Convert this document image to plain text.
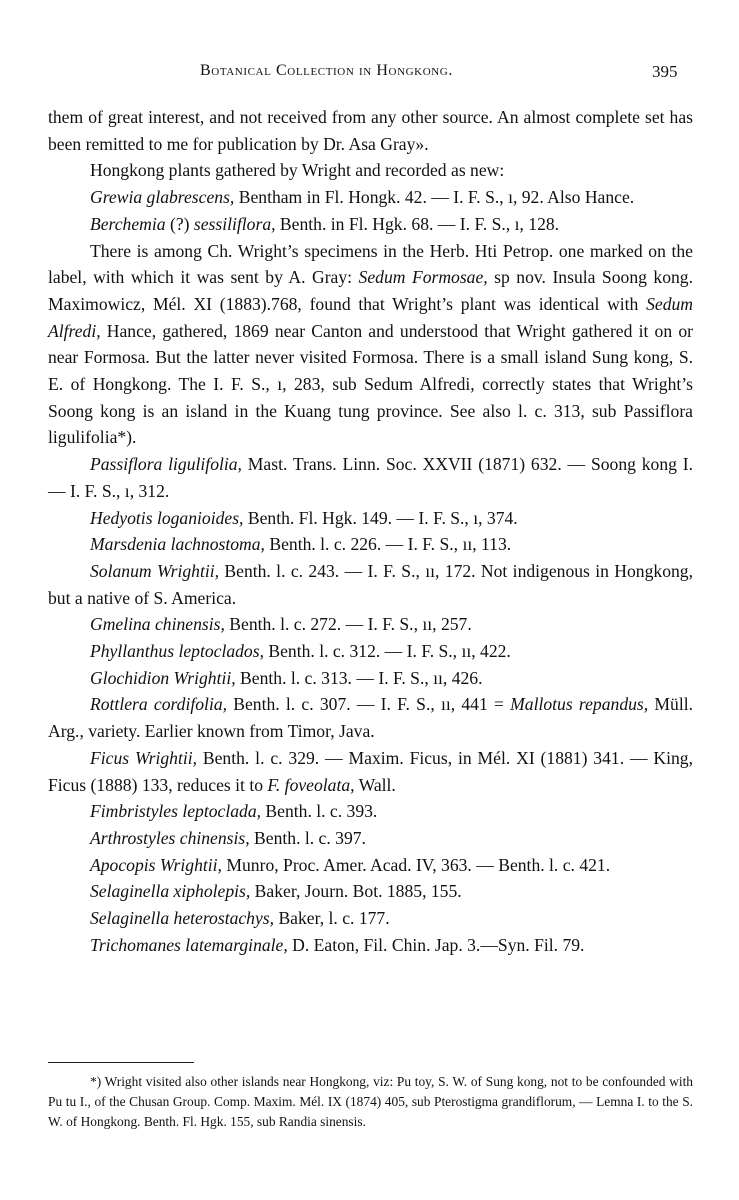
Botanical Collection in Hongkong.	395

them of great interest, and not received from any other source. An almost complete set has been remitted to me for publication by Dr. Asa Gray».

Hongkong plants gathered by Wright and recorded as new:

Grewia glabrescens, Bentham in Fl. Hongk. 42. — I. F. S., ı, 92. Also Hance.

Berchemia (?) sessiliflora, Benth. in Fl. Hgk. 68. — I. F. S., ı, 128.

There is among Ch. Wright’s specimens in the Herb. Hti Petrop. one marked on the label, with which it was sent by A. Gray: Sedum Formosae, sp nov. Insula Soong kong. Maximowicz, Mél. XI (1883).768, found that Wright’s plant was identical with Sedum Alfredi, Hance, gathered, 1869 near Canton and understood that Wright gathered it on or near Formosa. But the latter never visited Formosa. There is a small island Sung kong, S. E. of Hongkong. The I. F. S., ı, 283, sub Sedum Alfredi, correctly states that Wright’s Soong kong is an island in the Kuang tung province. See also l. c. 313, sub Passiflora ligulifolia*).

Passiflora ligulifolia, Mast. Trans. Linn. Soc. XXVII (1871) 632. — Soong kong I. — I. F. S., ı, 312.

Hedyotis loganioides, Benth. Fl. Hgk. 149. — I. F. S., ı, 374.

Marsdenia lachnostoma, Benth. l. c. 226. — I. F. S., ıı, 113.

Solanum Wrightii, Benth. l. c. 243. — I. F. S., ıı, 172. Not indigenous in Hongkong, but a native of S. America.

Gmelina chinensis, Benth. l. c. 272. — I. F. S., ıı, 257.

Phyllanthus leptoclados, Benth. l. c. 312. — I. F. S., ıı, 422.

Glochidion Wrightii, Benth. l. c. 313. — I. F. S., ıı, 426.

Rottlera cordifolia, Benth. l. c. 307. — I. F. S., ıı, 441 = Mallotus repandus, Müll. Arg., variety. Earlier known from Timor, Java.

Ficus Wrightii, Benth. l. c. 329. — Maxim. Ficus, in Mél. XI (1881) 341. — King, Ficus (1888) 133, reduces it to F. foveolata, Wall.

Fimbristyles leptoclada, Benth. l. c. 393.

Arthrostyles chinensis, Benth. l. c. 397.

Apocopis Wrightii, Munro, Proc. Amer. Acad. IV, 363. — Benth. l. c. 421.

Selaginella xipholepis, Baker, Journ. Bot. 1885, 155.

Selaginella heterostachys, Baker, l. c. 177.

Trichomanes latemarginale, D. Eaton, Fil. Chin. Jap. 3.—Syn. Fil. 79.

*) Wright visited also other islands near Hongkong, viz: Pu toy, S. W. of Sung kong, not to be confounded with Pu tu I., of the Chusan Group. Comp. Maxim. Mél. IX (1874) 405, sub Pterostigma grandiflorum, — Lemna I. to the S. W. of Hongkong. Benth. Fl. Hgk. 155, sub Randia sinensis.
